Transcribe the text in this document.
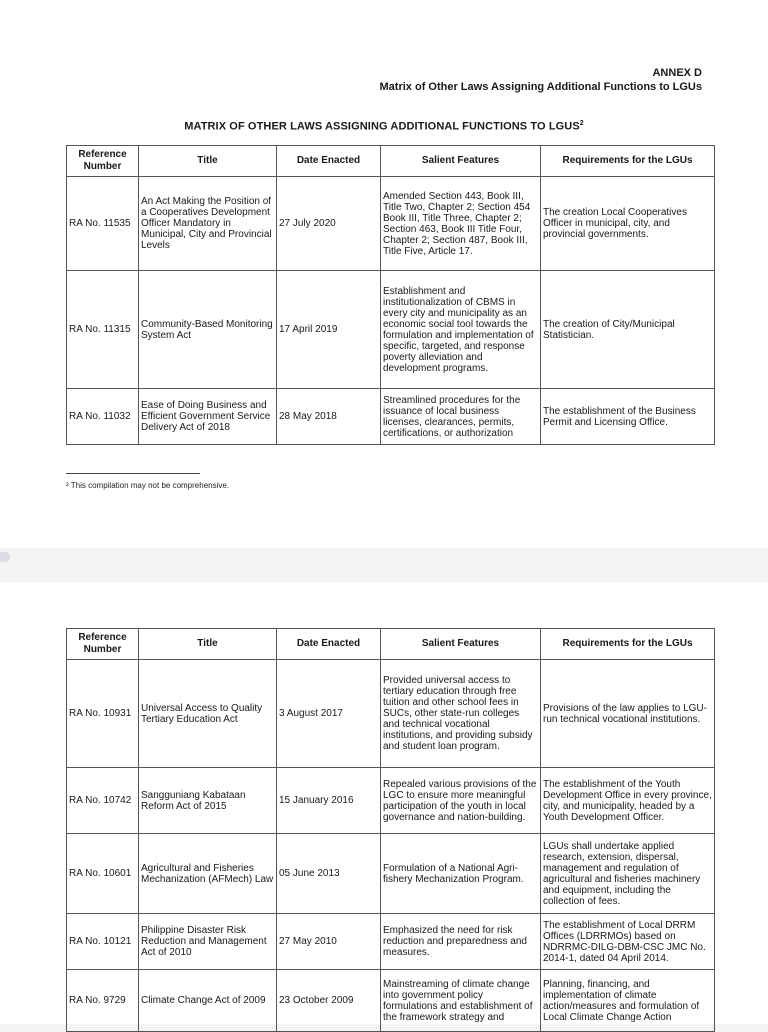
ANNEX D
Matrix of Other Laws Assigning Additional Functions to LGUs
MATRIX OF OTHER LAWS ASSIGNING ADDITIONAL FUNCTIONS TO LGUS$^2$
Reference Number	Title	Date Enacted	Salient Features	Requirements for the LGUs
RA No. 11535	An Act Making the Position of a Cooperatives Development Officer Mandatory in Municipal, City and Provincial Levels	27 July 2020	Amended Section 443, Book III, Title Two, Chapter 2; Section 454 Book III, Title Three, Chapter 2; Section 463, Book III Title Four, Chapter 2; Section 487, Book III, Title Five, Article 17.	The creation Local Cooperatives Officer in municipal, city, and provincial governments.
RA No. 11315	Community-Based Monitoring System Act	17 April 2019	Establishment and institutionalization of CBMS in every city and municipality as an economic social tool towards the formulation and implementation of specific, targeted, and response poverty alleviation and development programs.	The creation of City/Municipal Statistician.
RA No. 11032	Ease of Doing Business and Efficient Government Service Delivery Act of 2018	28 May 2018	Streamlined procedures for the issuance of local business licenses, clearances, permits, certifications, or authorization	The establishment of the Business Permit and Licensing Office.
² This compilation may not be comprehensive.
Reference Number	Title	Date Enacted	Salient Features	Requirements for the LGUs
RA No. 10931	Universal Access to Quality Tertiary Education Act	3 August 2017	Provided universal access to tertiary education through free tuition and other school fees in SUCs, other state-run colleges and technical vocational institutions, and providing subsidy and student loan program.	Provisions of the law applies to LGU-run technical vocational institutions.
RA No. 10742	Sangguniang Kabataan Reform Act of 2015	15 January 2016	Repealed various provisions of the LGC to ensure more meaningful participation of the youth in local governance and nation-building.	The establishment of the Youth Development Office in every province, city, and municipality, headed by a Youth Development Officer.
RA No. 10601	Agricultural and Fisheries Mechanization (AFMech) Law	05 June 2013	Formulation of a National Agri-fishery Mechanization Program.	LGUs shall undertake applied research, extension, dispersal, management and regulation of agricultural and fisheries machinery and equipment, including the collection of fees.
RA No. 10121	Philippine Disaster Risk Reduction and Management Act of 2010	27 May 2010	Emphasized the need for risk reduction and preparedness and measures.	The establishment of Local DRRM Offices (LDRRMOs) based on NDRRMC-DILG-DBM-CSC JMC No. 2014-1, dated 04 April 2014.
RA No. 9729	Climate Change Act of 2009	23 October 2009	Mainstreaming of climate change into government policy formulations and establishment of the framework strategy and	Planning, financing, and implementation of climate action/measures and formulation of Local Climate Change Action
